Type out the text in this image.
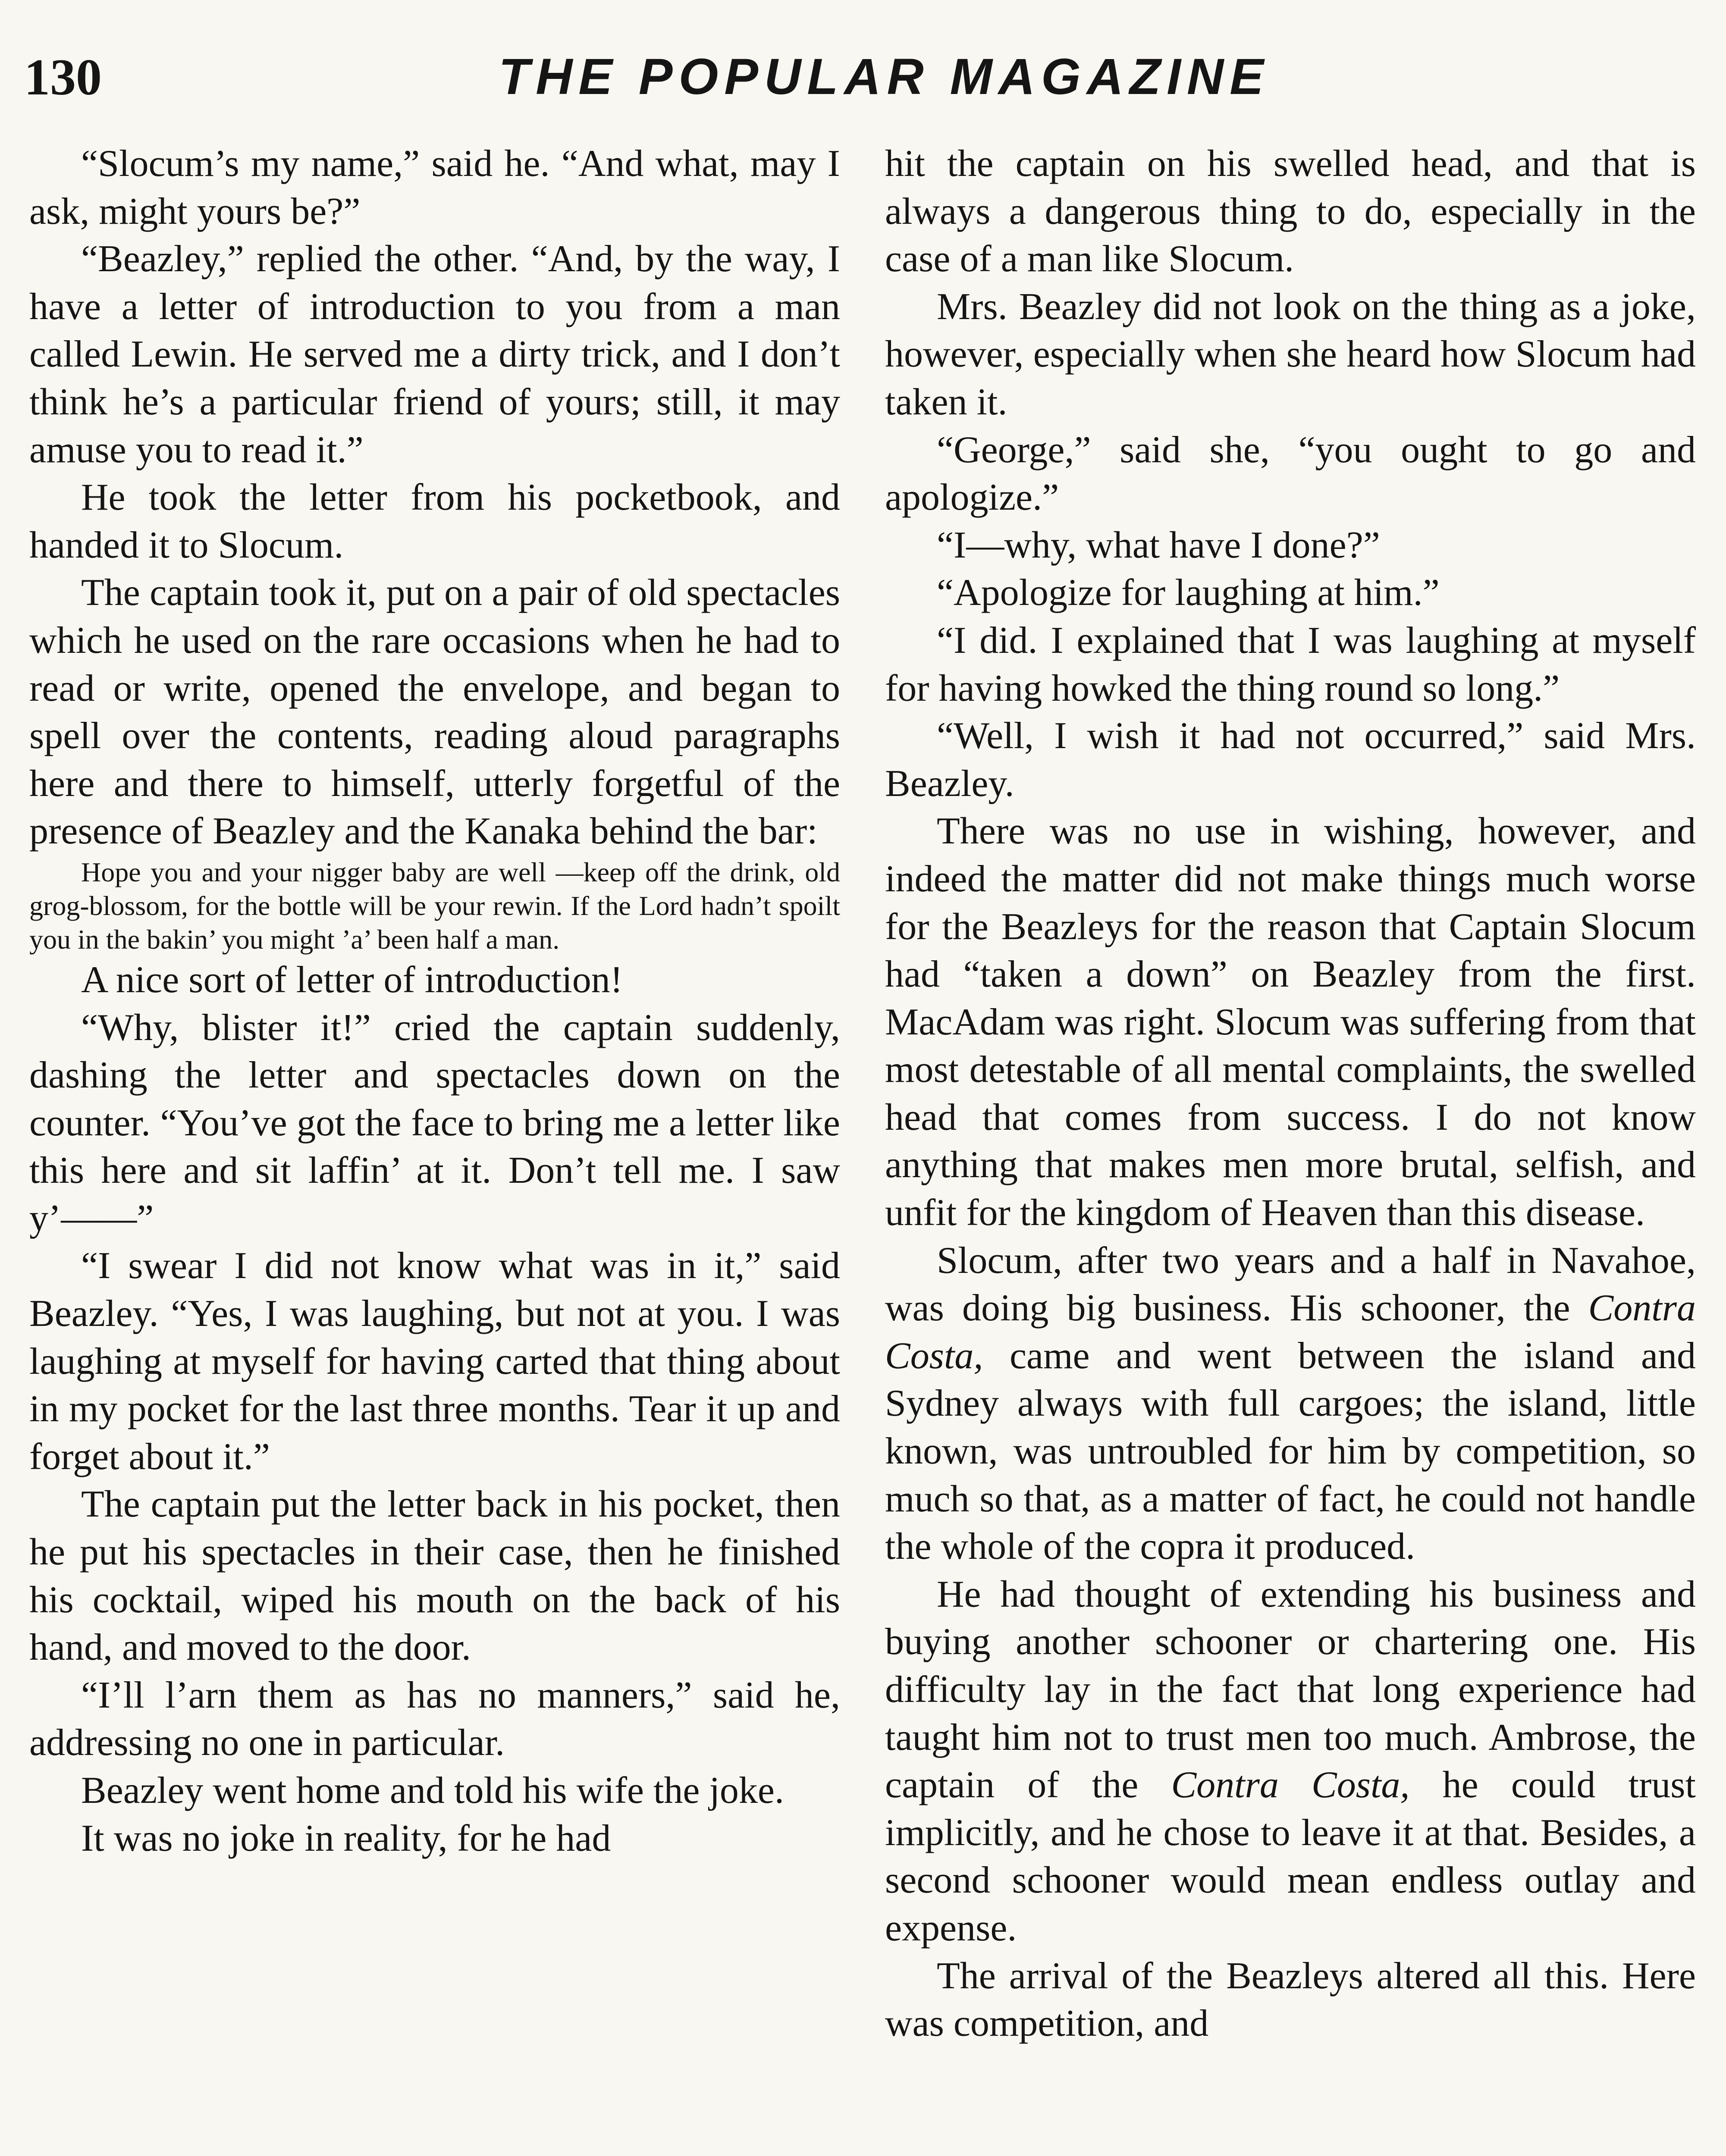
130	THE POPULAR MAGAZINE

“Slocum’s my name,” said he. “And what, may I ask, might yours be?”

“Beazley,” replied the other. “And, by the way, I have a letter of introduction to you from a man called Lewin. He served me a dirty trick, and I don’t think he’s a particular friend of yours; still, it may amuse you to read it.”

He took the letter from his pocketbook, and handed it to Slocum.

The captain took it, put on a pair of old spectacles which he used on the rare occasions when he had to read or write, opened the envelope, and began to spell over the contents, reading aloud paragraphs here and there to himself, utterly forgetful of the presence of Beazley and the Kanaka behind the bar:

Hope you and your nigger baby are well —keep off the drink, old grog-blossom, for the bottle will be your rewin. If the Lord hadn’t spoilt you in the bakin’ you might ’a’ been half a man.

A nice sort of letter of introduction!

“Why, blister it!” cried the captain suddenly, dashing the letter and spectacles down on the counter. “You’ve got the face to bring me a letter like this here and sit laffin’ at it. Don’t tell me. I saw y’——”

“I swear I did not know what was in it,” said Beazley. “Yes, I was laughing, but not at you. I was laughing at myself for having carted that thing about in my pocket for the last three months. Tear it up and forget about it.”

The captain put the letter back in his pocket, then he put his spectacles in their case, then he finished his cocktail, wiped his mouth on the back of his hand, and moved to the door.

“I’ll l’arn them as has no manners,” said he, addressing no one in particular.

Beazley went home and told his wife the joke.

It was no joke in reality, for he had

hit the captain on his swelled head, and that is always a dangerous thing to do, especially in the case of a man like Slocum.

Mrs. Beazley did not look on the thing as a joke, however, especially when she heard how Slocum had taken it.

“George,” said she, “you ought to go and apologize.”

“I—why, what have I done?”

“Apologize for laughing at him.”

“I did. I explained that I was laughing at myself for having howked the thing round so long.”

“Well, I wish it had not occurred,” said Mrs. Beazley.

There was no use in wishing, however, and indeed the matter did not make things much worse for the Beazleys for the reason that Captain Slocum had “taken a down” on Beazley from the first. MacAdam was right. Slocum was suffering from that most detestable of all mental complaints, the swelled head that comes from success. I do not know anything that makes men more brutal, selfish, and unfit for the kingdom of Heaven than this disease.

Slocum, after two years and a half in Navahoe, was doing big business. His schooner, the Contra Costa, came and went between the island and Sydney always with full cargoes; the island, little known, was untroubled for him by competition, so much so that, as a matter of fact, he could not handle the whole of the copra it produced.

He had thought of extending his business and buying another schooner or chartering one. His difficulty lay in the fact that long experience had taught him not to trust men too much. Ambrose, the captain of the Contra Costa, he could trust implicitly, and he chose to leave it at that. Besides, a second schooner would mean endless outlay and expense.

The arrival of the Beazleys altered all this. Here was competition, and
